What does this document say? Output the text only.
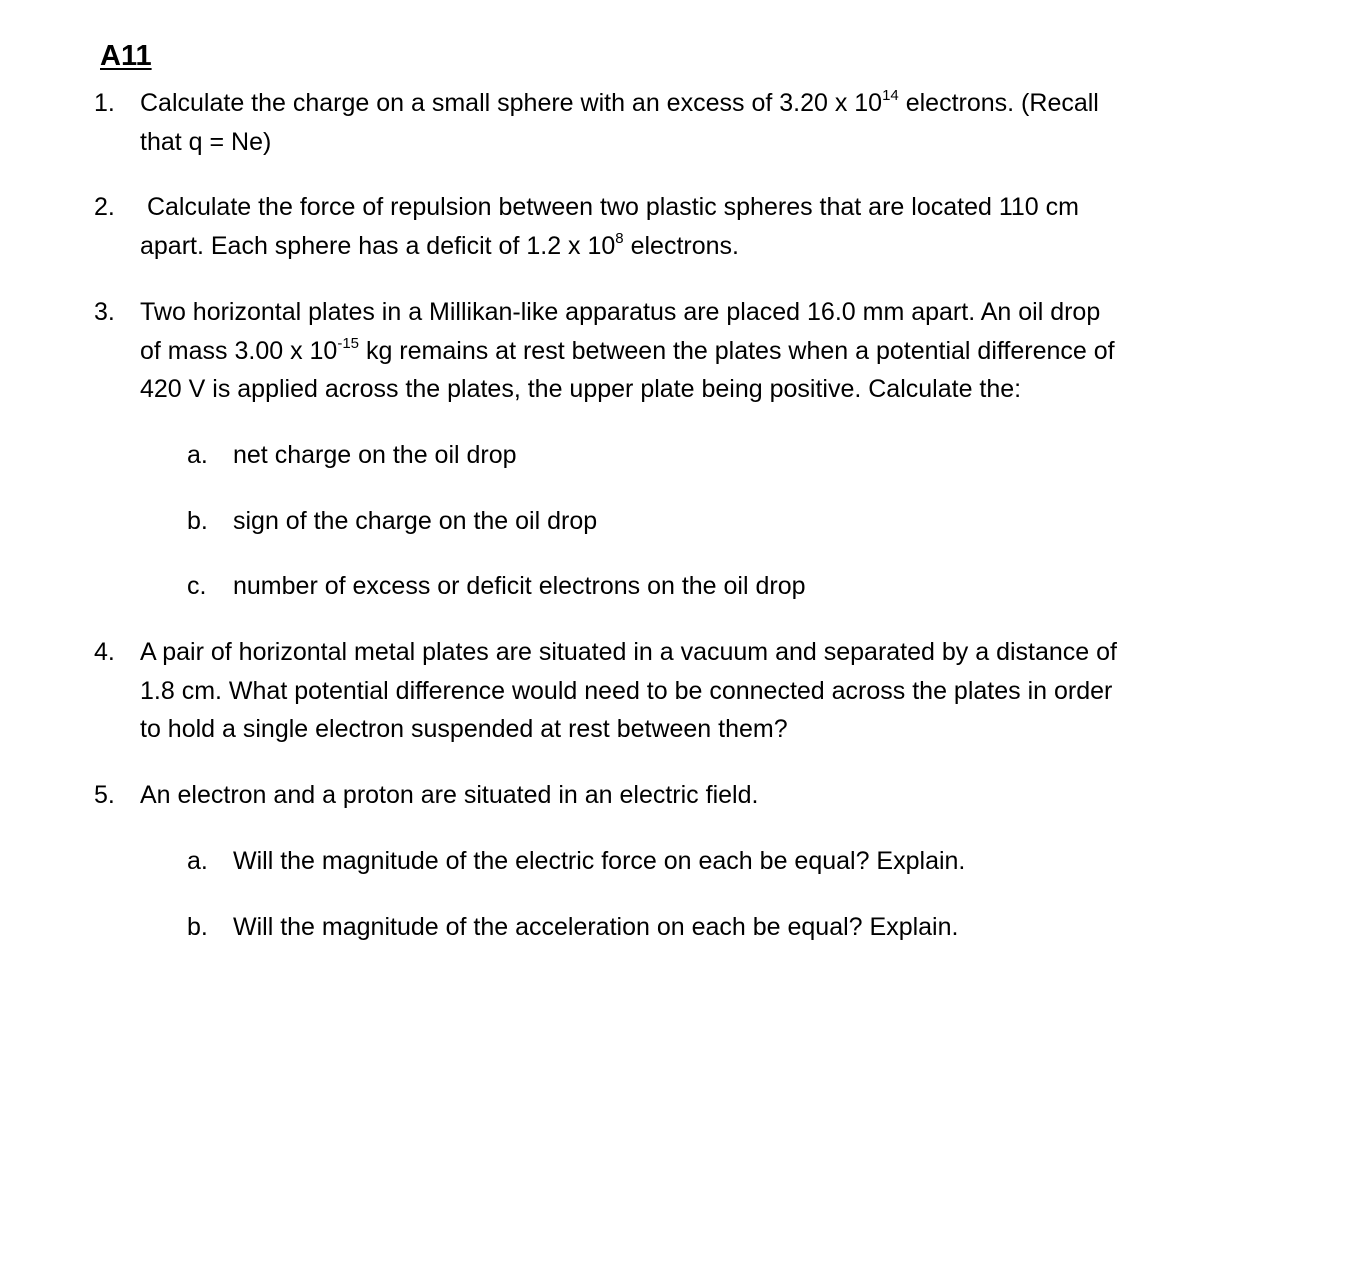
A11
1. Calculate the charge on a small sphere with an excess of 3.20 x $10^{14}$ electrons. (Recall
that q = Ne)
2. Calculate the force of repulsion between two plastic spheres that are located 110 cm
apart. Each sphere has a deficit of 1.2 x $10^8$ electrons.
3. Two horizontal plates in a Millikan-like apparatus are placed 16.0 mm apart. An oil drop
of mass 3.00 x $10^{-15}$ kg remains at rest between the plates when a potential difference of
420 V is applied across the plates, the upper plate being positive. Calculate the:
a. net charge on the oil drop
b. sign of the charge on the oil drop
c. number of excess or deficit electrons on the oil drop
4. A pair of horizontal metal plates are situated in a vacuum and separated by a distance of
1.8 cm. What potential difference would need to be connected across the plates in order
to hold a single electron suspended at rest between them?
5. An electron and a proton are situated in an electric field.
a. Will the magnitude of the electric force on each be equal? Explain.
b. Will the magnitude of the acceleration on each be equal? Explain.
